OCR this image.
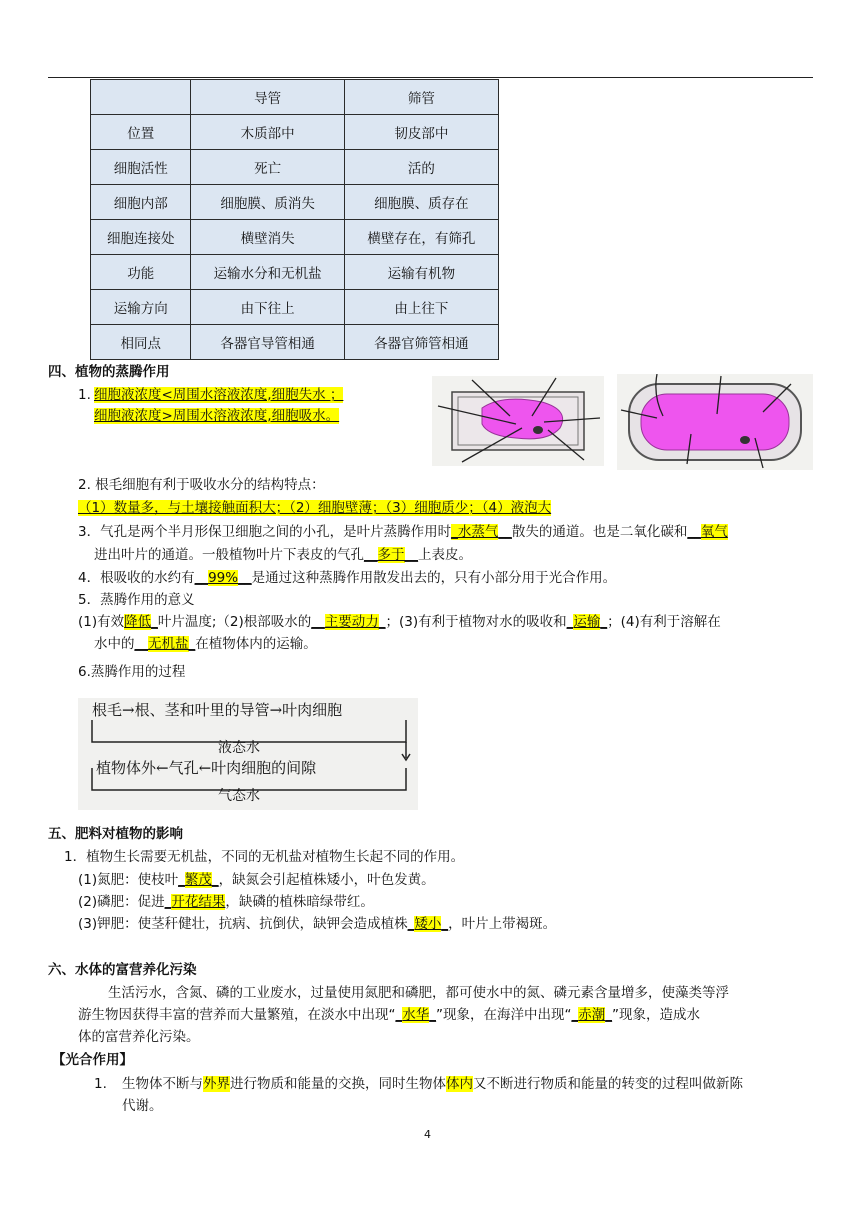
	导管	筛管
位置	木质部中	韧皮部中
细胞活性	死亡	活的
细胞内部	细胞膜、质消失	细胞膜、质存在
细胞连接处	横壁消失	横壁存在，有筛孔
功能	运输水分和无机盐	运输有机物
运输方向	由下往上	由上往下
相同点	各器官导管相通	各器官筛管相通
四、植物的蒸腾作用
1. 细胞液浓度<周围水溶液浓度,细胞失水 ；
细胞液浓度>周围水溶液浓度,细胞吸水。
2. 根毛细胞有利于吸收水分的结构特点：
（1）数量多，与土壤接触面积大；（2）细胞壁薄；（3）细胞质少；（4）液泡大
3．气孔是两个半月形保卫细胞之间的小孔，是叶片蒸腾作用时_水蒸气__散失的通道。也是二氧化碳和__氧气
进出叶片的通道。一般植物叶片下表皮的气孔__多于__上表皮。
4．根吸收的水约有__99%__是通过这种蒸腾作用散发出去的，只有小部分用于光合作用。
5．蒸腾作用的意义
(1)有效降低_叶片温度;（2)根部吸水的__主要动力_；(3)有利于植物对水的吸收和_运输_；(4)有利于溶解在
水中的__无机盐_在植物体内的运输。
6.蒸腾作用的过程
根毛→根、茎和叶里的导管→叶肉细胞
液态水
植物体外←气孔←叶肉细胞的间隙
气态水
五、肥料对植物的影响
1．植物生长需要无机盐，不同的无机盐对植物生长起不同的作用。
(1)氮肥：使枝叶_繁茂_，缺氮会引起植株矮小，叶色发黄。
(2)磷肥：促进_开花结果，缺磷的植株暗绿带红。
(3)钾肥：使茎秆健壮，抗病、抗倒伏，缺钾会造成植株_矮小_，叶片上带褐斑。
六、水体的富营养化污染
生活污水，含氮、磷的工业废水，过量使用氮肥和磷肥，都可使水中的氮、磷元素含量增多，使藻类等浮
游生物因获得丰富的营养而大量繁殖，在淡水中出现“_水华_”现象，在海洋中出现“_赤潮_”现象，造成水
体的富营养化污染。
【光合作用】
1. 生物体不断与外界进行物质和能量的交换，同时生物体体内又不断进行物质和能量的转变的过程叫做新陈
代谢。
4
